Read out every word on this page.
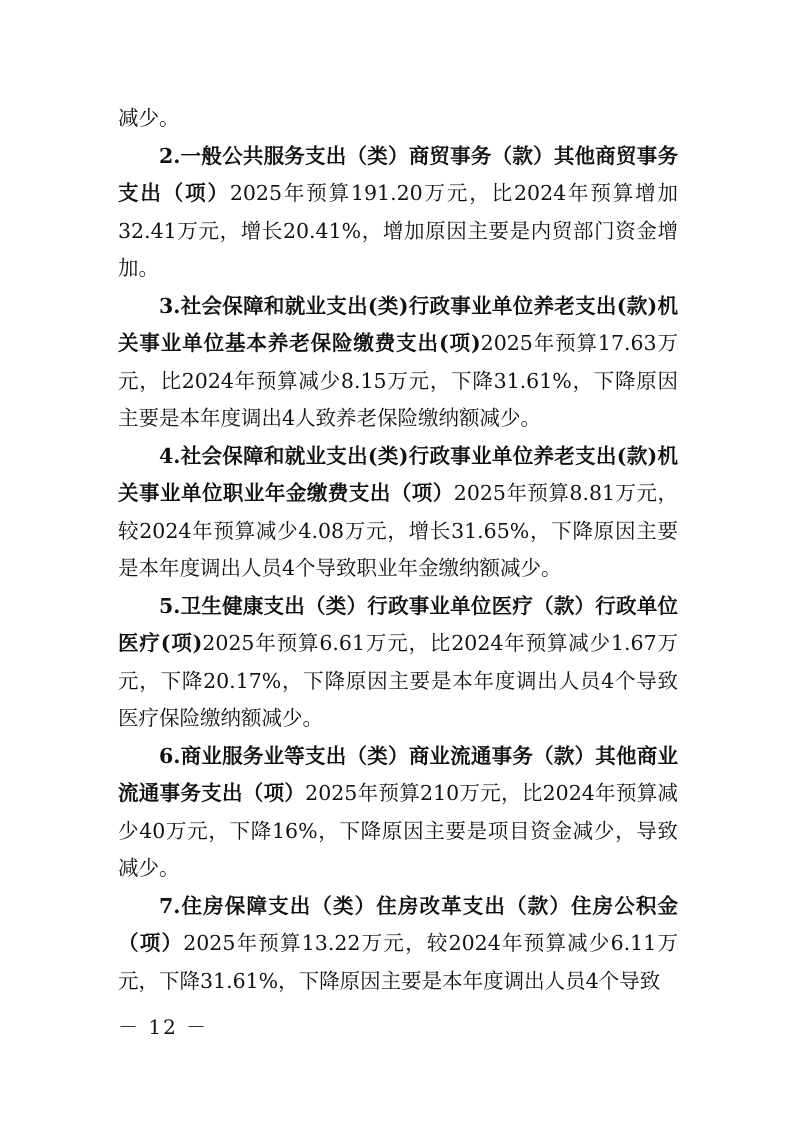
减少。

2.一般公共服务支出（类）商贸事务（款）其他商贸事务支出（项）2025年预算191.20万元，比2024年预算增加32.41万元，增长20.41%，增加原因主要是内贸部门资金增加。

3.社会保障和就业支出(类)行政事业单位养老支出(款)机关事业单位基本养老保险缴费支出(项)2025年预算17.63万元，比2024年预算减少8.15万元，下降31.61%，下降原因主要是本年度调出4人致养老保险缴纳额减少。

4.社会保障和就业支出(类)行政事业单位养老支出(款)机关事业单位职业年金缴费支出（项）2025年预算8.81万元，较2024年预算减少4.08万元，增长31.65%，下降原因主要是本年度调出人员4个导致职业年金缴纳额减少。

5.卫生健康支出（类）行政事业单位医疗（款）行政单位医疗(项)2025年预算6.61万元，比2024年预算减少1.67万元，下降20.17%，下降原因主要是本年度调出人员4个导致医疗保险缴纳额减少。

6.商业服务业等支出（类）商业流通事务（款）其他商业流通事务支出（项）2025年预算210万元，比2024年预算减少40万元，下降16%，下降原因主要是项目资金减少，导致减少。

7.住房保障支出（类）住房改革支出（款）住房公积金（项）2025年预算13.22万元，较2024年预算减少6.11万元，下降31.61%，下降原因主要是本年度调出人员4个导致

－ 12 －
